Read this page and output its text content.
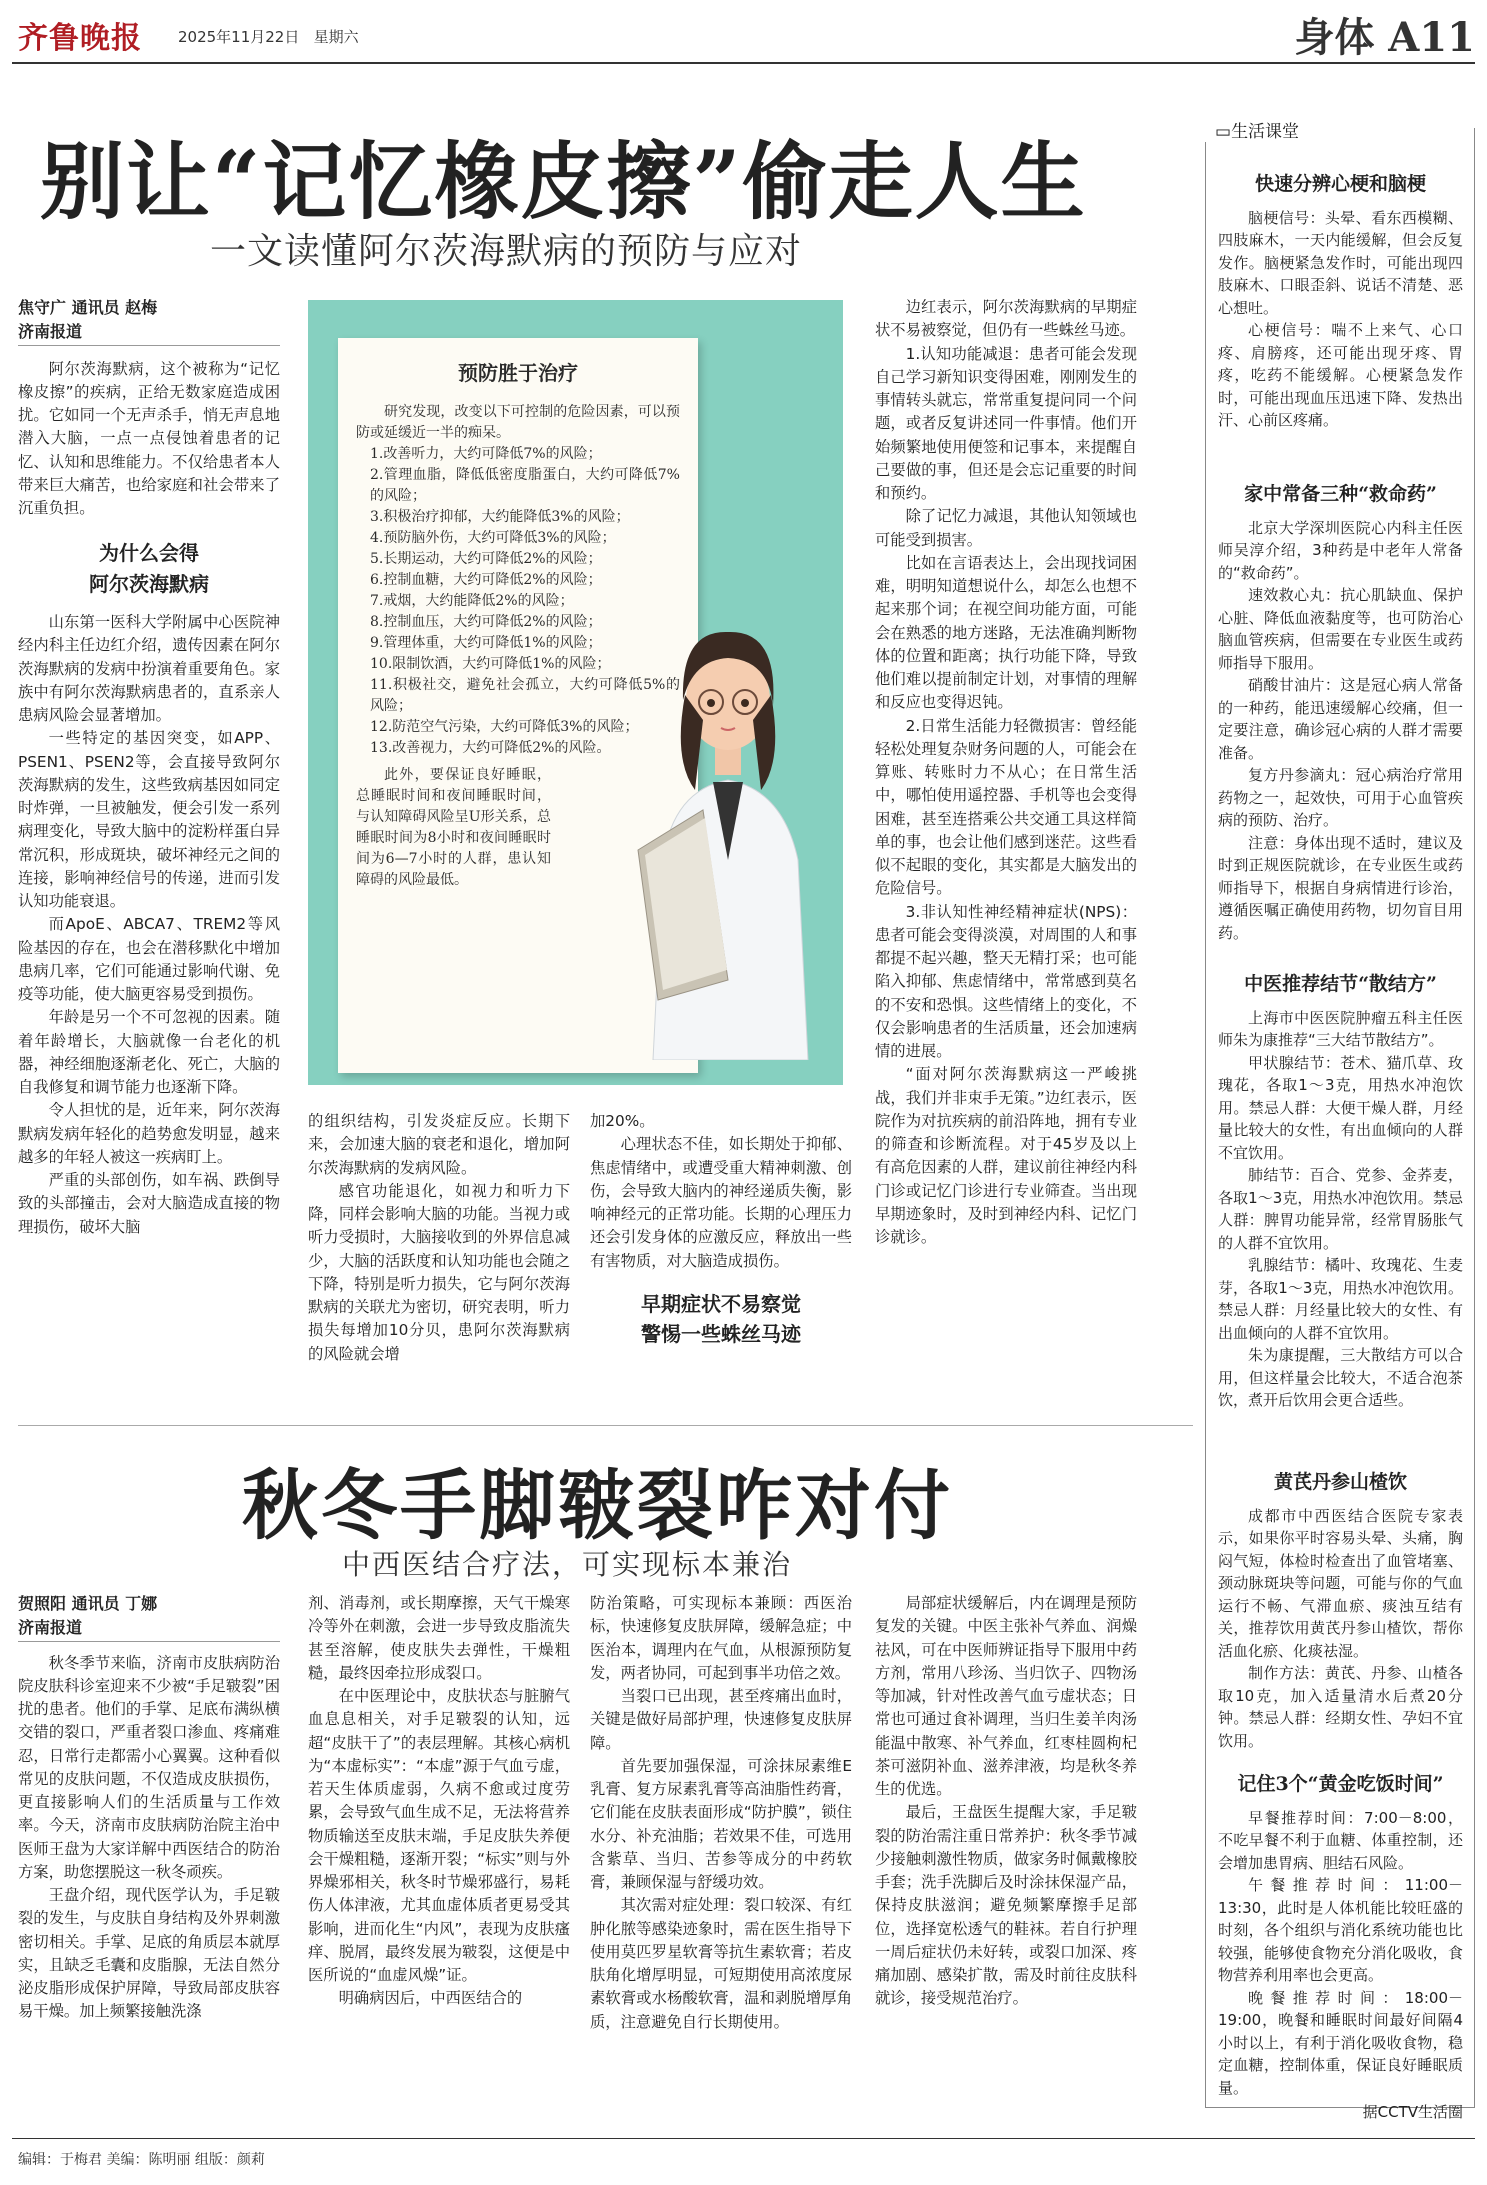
齐鲁晚报 2025年11月22日 星期六	身体 A11
别让“记忆橡皮擦”偷走人生
一文读懂阿尔茨海默病的预防与应对
焦守广 通讯员 赵梅
济南报道

阿尔茨海默病，这个被称为“记忆橡皮擦”的疾病，正给无数家庭造成困扰。它如同一个无声杀手，悄无声息地潜入大脑，一点一点侵蚀着患者的记忆、认知和思维能力。不仅给患者本人带来巨大痛苦，也给家庭和社会带来了沉重负担。

为什么会得
阿尔茨海默病

山东第一医科大学附属中心医院神经内科主任边红介绍，遗传因素在阿尔茨海默病的发病中扮演着重要角色。家族中有阿尔茨海默病患者的，直系亲人患病风险会显著增加。

一些特定的基因突变，如APP、PSEN1、PSEN2等，会直接导致阿尔茨海默病的发生，这些致病基因如同定时炸弹，一旦被触发，便会引发一系列病理变化，导致大脑中的淀粉样蛋白异常沉积，形成斑块，破坏神经元之间的连接，影响神经信号的传递，进而引发认知功能衰退。

而ApoE、ABCA7、TREM2等风险基因的存在，也会在潜移默化中增加患病几率，它们可能通过影响代谢、免疫等功能，使大脑更容易受到损伤。

年龄是另一个不可忽视的因素。随着年龄增长，大脑就像一台老化的机器，神经细胞逐渐老化、死亡，大脑的自我修复和调节能力也逐渐下降。

令人担忧的是，近年来，阿尔茨海默病发病年轻化的趋势愈发明显，越来越多的年轻人被这一疾病盯上。

严重的头部创伤，如车祸、跌倒导致的头部撞击，会对大脑造成直接的物理损伤，破坏大脑

预防胜于治疗

研究发现，改变以下可控制的危险因素，可以预防或延缓近一半的痴呆。

1.改善听力，大约可降低7%的风险；

2.管理血脂，降低低密度脂蛋白，大约可降低7%的风险；

3.积极治疗抑郁，大约能降低3%的风险；

4.预防脑外伤，大约可降低3%的风险；

5.长期运动，大约可降低2%的风险；

6.控制血糖，大约可降低2%的风险；

7.戒烟，大约能降低2%的风险；

8.控制血压，大约可降低2%的风险；

9.管理体重，大约可降低1%的风险；

10.限制饮酒，大约可降低1%的风险；

11.积极社交，避免社会孤立，大约可降低5%的风险；

12.防范空气污染，大约可降低3%的风险；

13.改善视力，大约可降低2%的风险。

此外，要保证良好睡眠，总睡眠时间和夜间睡眠时间，与认知障碍风险呈U形关系，总睡眠时间为8小时和夜间睡眠时间为6—7小时的人群，患认知障碍的风险最低。

的组织结构，引发炎症反应。长期下来，会加速大脑的衰老和退化，增加阿尔茨海默病的发病风险。

感官功能退化，如视力和听力下降，同样会影响大脑的功能。当视力或听力受损时，大脑接收到的外界信息减少，大脑的活跃度和认知功能也会随之下降，特别是听力损失，它与阿尔茨海默病的关联尤为密切，研究表明，听力损失每增加10分贝，患阿尔茨海默病的风险就会增

加20%。

心理状态不佳，如长期处于抑郁、焦虑情绪中，或遭受重大精神刺激、创伤，会导致大脑内的神经递质失衡，影响神经元的正常功能。长期的心理压力还会引发身体的应激反应，释放出一些有害物质，对大脑造成损伤。

早期症状不易察觉
警惕一些蛛丝马迹

边红表示，阿尔茨海默病的早期症状不易被察觉，但仍有一些蛛丝马迹。

1.认知功能减退：患者可能会发现自己学习新知识变得困难，刚刚发生的事情转头就忘，常常重复提问同一个问题，或者反复讲述同一件事情。他们开始频繁地使用便签和记事本，来提醒自己要做的事，但还是会忘记重要的时间和预约。

除了记忆力减退，其他认知领域也可能受到损害。

比如在言语表达上，会出现找词困难，明明知道想说什么，却怎么也想不起来那个词；在视空间功能方面，可能会在熟悉的地方迷路，无法准确判断物体的位置和距离；执行功能下降，导致他们难以提前制定计划，对事情的理解和反应也变得迟钝。

2.日常生活能力轻微损害：曾经能轻松处理复杂财务问题的人，可能会在算账、转账时力不从心；在日常生活中，哪怕使用遥控器、手机等也会变得困难，甚至连搭乘公共交通工具这样简单的事，也会让他们感到迷茫。这些看似不起眼的变化，其实都是大脑发出的危险信号。

3.非认知性神经精神症状(NPS)：患者可能会变得淡漠，对周围的人和事都提不起兴趣，整天无精打采；也可能陷入抑郁、焦虑情绪中，常常感到莫名的不安和恐惧。这些情绪上的变化，不仅会影响患者的生活质量，还会加速病情的进展。

“面对阿尔茨海默病这一严峻挑战，我们并非束手无策。”边红表示，医院作为对抗疾病的前沿阵地，拥有专业的筛查和诊断流程。对于45岁及以上有高危因素的人群，建议前往神经内科门诊或记忆门诊进行专业筛查。当出现早期迹象时，及时到神经内科、记忆门诊就诊。

秋冬手脚皲裂咋对付
中西医结合疗法，可实现标本兼治
贺照阳 通讯员 丁娜
济南报道

秋冬季节来临，济南市皮肤病防治院皮肤科诊室迎来不少被“手足皲裂”困扰的患者。他们的手掌、足底布满纵横交错的裂口，严重者裂口渗血、疼痛难忍，日常行走都需小心翼翼。这种看似常见的皮肤问题，不仅造成皮肤损伤，更直接影响人们的生活质量与工作效率。今天，济南市皮肤病防治院主治中医师王盘为大家详解中西医结合的防治方案，助您摆脱这一秋冬顽疾。

王盘介绍，现代医学认为，手足皲裂的发生，与皮肤自身结构及外界刺激密切相关。手掌、足底的角质层本就厚实，且缺乏毛囊和皮脂腺，无法自然分泌皮脂形成保护屏障，导致局部皮肤容易干燥。加上频繁接触洗涤

剂、消毒剂，或长期摩擦，天气干燥寒冷等外在刺激，会进一步导致皮脂流失甚至溶解，使皮肤失去弹性，干燥粗糙，最终因牵拉形成裂口。

在中医理论中，皮肤状态与脏腑气血息息相关，对手足皲裂的认知，远超“皮肤干了”的表层理解。其核心病机为“本虚标实”：“本虚”源于气血亏虚，若天生体质虚弱，久病不愈或过度劳累，会导致气血生成不足，无法将营养物质输送至皮肤末端，手足皮肤失养便会干燥粗糙，逐渐开裂；“标实”则与外界燥邪相关，秋冬时节燥邪盛行，易耗伤人体津液，尤其血虚体质者更易受其影响，进而化生“内风”，表现为皮肤瘙痒、脱屑，最终发展为皲裂，这便是中医所说的“血虚风燥”证。

明确病因后，中西医结合的

防治策略，可实现标本兼顾：西医治标，快速修复皮肤屏障，缓解急症；中医治本，调理内在气血，从根源预防复发，两者协同，可起到事半功倍之效。

当裂口已出现，甚至疼痛出血时，关键是做好局部护理，快速修复皮肤屏障。

首先要加强保湿，可涂抹尿素维E乳膏、复方尿素乳膏等高油脂性药膏，它们能在皮肤表面形成“防护膜”，锁住水分、补充油脂；若效果不佳，可选用含紫草、当归、苦参等成分的中药软膏，兼顾保湿与舒缓功效。

其次需对症处理：裂口较深、有红肿化脓等感染迹象时，需在医生指导下使用莫匹罗星软膏等抗生素软膏；若皮肤角化增厚明显，可短期使用高浓度尿素软膏或水杨酸软膏，温和剥脱增厚角质，注意避免自行长期使用。

局部症状缓解后，内在调理是预防复发的关键。中医主张补气养血、润燥祛风，可在中医师辨证指导下服用中药方剂，常用八珍汤、当归饮子、四物汤等加减，针对性改善气血亏虚状态；日常也可通过食补调理，当归生姜羊肉汤能温中散寒、补气养血，红枣桂圆枸杞茶可滋阴补血、滋养津液，均是秋冬养生的优选。

最后，王盘医生提醒大家，手足皲裂的防治需注重日常养护：秋冬季节减少接触刺激性物质，做家务时佩戴橡胶手套；洗手洗脚后及时涂抹保湿产品，保持皮肤滋润；避免频繁摩擦手足部位，选择宽松透气的鞋袜。若自行护理一周后症状仍未好转，或裂口加深、疼痛加剧、感染扩散，需及时前往皮肤科就诊，接受规范治疗。

▭生活课堂
快速分辨心梗和脑梗

脑梗信号：头晕、看东西模糊、四肢麻木，一天内能缓解，但会反复发作。脑梗紧急发作时，可能出现四肢麻木、口眼歪斜、说话不清楚、恶心想吐。

心梗信号：喘不上来气、心口疼、肩膀疼，还可能出现牙疼、胃疼，吃药不能缓解。心梗紧急发作时，可能出现血压迅速下降、发热出汗、心前区疼痛。

家中常备三种“救命药”

北京大学深圳医院心内科主任医师吴淳介绍，3种药是中老年人常备的“救命药”。

速效救心丸：抗心肌缺血、保护心脏、降低血液黏度等，也可防治心脑血管疾病，但需要在专业医生或药师指导下服用。

硝酸甘油片：这是冠心病人常备的一种药，能迅速缓解心绞痛，但一定要注意，确诊冠心病的人群才需要准备。

复方丹参滴丸：冠心病治疗常用药物之一，起效快，可用于心血管疾病的预防、治疗。

注意：身体出现不适时，建议及时到正规医院就诊，在专业医生或药师指导下，根据自身病情进行诊治，遵循医嘱正确使用药物，切勿盲目用药。

中医推荐结节“散结方”

上海市中医医院肿瘤五科主任医师朱为康推荐“三大结节散结方”。

甲状腺结节：苍术、猫爪草、玫瑰花，各取1～3克，用热水冲泡饮用。禁忌人群：大便干燥人群，月经量比较大的女性，有出血倾向的人群不宜饮用。

肺结节：百合、党参、金荞麦，各取1～3克，用热水冲泡饮用。禁忌人群：脾胃功能异常，经常胃肠胀气的人群不宜饮用。

乳腺结节：橘叶、玫瑰花、生麦芽，各取1～3克，用热水冲泡饮用。禁忌人群：月经量比较大的女性、有出血倾向的人群不宜饮用。

朱为康提醒，三大散结方可以合用，但这样量会比较大，不适合泡茶饮，煮开后饮用会更合适些。

黄芪丹参山楂饮

成都市中西医结合医院专家表示，如果你平时容易头晕、头痛，胸闷气短，体检时检查出了血管堵塞、颈动脉斑块等问题，可能与你的气血运行不畅、气滞血瘀、痰浊互结有关，推荐饮用黄芪丹参山楂饮，帮你活血化瘀、化痰祛湿。

制作方法：黄芪、丹参、山楂各取10克，加入适量清水后煮20分钟。禁忌人群：经期女性、孕妇不宜饮用。

记住3个“黄金吃饭时间”

早餐推荐时间：7:00－8:00，不吃早餐不利于血糖、体重控制，还会增加患胃病、胆结石风险。

午餐推荐时间：11:00－13:30，此时是人体机能比较旺盛的时刻，各个组织与消化系统功能也比较强，能够使食物充分消化吸收，食物营养利用率也会更高。

晚餐推荐时间：18:00－19:00，晚餐和睡眠时间最好间隔4小时以上，有利于消化吸收食物，稳定血糖，控制体重，保证良好睡眠质量。

据CCTV生活圈
编辑：于梅君 美编：陈明丽 组版：颜莉
